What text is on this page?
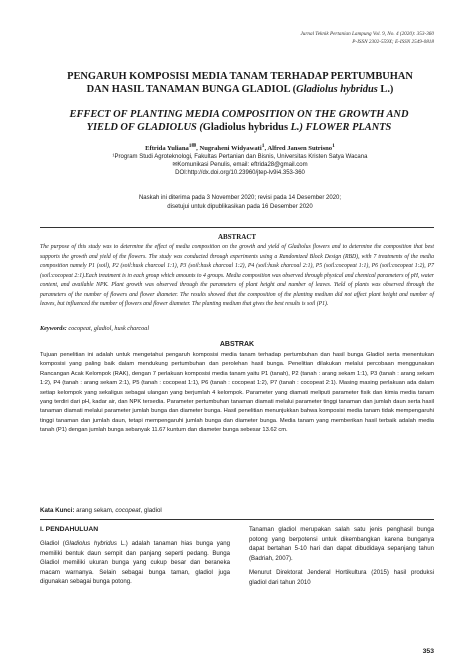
Jurnal Teknik Pertanian Lampung Vol. 9, No. 4 (2020): 353-360
P-ISSN 2302-559X; E-ISSN 2549-0818
PENGARUH KOMPOSISI MEDIA TANAM TERHADAP PERTUMBUHAN DAN HASIL TANAMAN BUNGA GLADIOL (Gladiolus hybridus L.)
EFFECT OF PLANTING MEDIA COMPOSITION ON THE GROWTH AND YIELD OF GLADIOLUS (Gladiolus hybridus L.) FLOWER PLANTS
Eftrida Yuliana$^{1✉}$, Nugraheni Widyawati$^1$, Alfred Jansen Sutrisno$^1$
¹Program Studi Agroteknologi, Fakultas Pertanian dan Bisnis, Universitas Kristen Satya Wacana
✉Komunikasi Penulis, email: eftrida28@gmail.com
DOI:http://dx.doi.org/10.23960/jtep-lv9i4.353-360
Naskah ini diterima pada 3 November 2020; revisi pada 14 Desember 2020;
disetujui untuk dipublikasikan pada 16 Desember 2020
ABSTRACT
The purpose of this study was to determine the effect of media composition on the growth and yield of Gladiolus flowers and to determine the composition that best supports the growth and yield of the flowers. The study was conducted through experiments using a Randomized Block Design (RBD), with 7 treatments of the media composition namely P1 (soil), P2 (soil:husk charcoal 1:1), P3 (soil:husk charcoal 1:2), P4 (soil:husk charcoal 2:1), P5 (soil:cocopeat 1:1), P6 (soil:cocopeat 1:2), P7 (soil:cocopeat 2:1).Each treatment is in each group which amounts to 4 groups. Media composition was observed through physical and chemical parameters of pH, water content, and available NPK. Plant growth was observed through the parameters of plant height and number of leaves. Yield of plants was observed through the parameters of the number of flowers and flower diameter. The results showed that the composition of the planting medium did not affect plant height and number of leaves, but influenced the number of flowers and flower diameter. The planting medium that gives the best results is soil (P1).
Keywords: cocopeat, gladiol, husk charcoal
ABSTRAK
Tujuan penelitian ini adalah untuk mengetahui pengaruh komposisi media tanam terhadap pertumbuhan dan hasil bunga Gladiol serta menentukan komposisi yang paling baik dalam mendukung pertumbuhan dan perolehan hasil bunga. Penelitian dilakukan melalui percobaan menggunakan Rancangan Acak Kelompok (RAK), dengan 7 perlakuan komposisi media tanam yaitu P1 (tanah), P2 (tanah : arang sekam 1:1), P3 (tanah : arang sekam 1:2), P4 (tanah : arang sekam 2:1), P5 (tanah : cocopeat 1:1), P6 (tanah : cocopeat 1:2), P7 (tanah : cocopeat 2:1). Masing masing perlakuan ada dalam setiap kelompok yang sekaligus sebagai ulangan yang berjumlah 4 kelompok. Parameter yang diamati meliputi parameter fisik dan kimia media tanam yang terdiri dari pH, kadar air, dan NPK tersedia. Parameter pertumbuhan tanaman diamati melalui parameter tinggi tanaman dan jumlah daun serta hasil tanaman diamati melalui parameter jumlah bunga dan diameter bunga. Hasil penelitian menunjukkan bahwa komposisi media tanam tidak mempengaruhi tinggi tanaman dan jumlah daun, tetapi mempengaruhi jumlah bunga dan diameter bunga. Media tanam yang memberikan hasil terbaik adalah media tanah (P1) dengan jumlah bunga sebanyak 11.67 kuntum dan diameter bunga sebesar 13.62 cm.
Kata Kunci: arang sekam, cocopeat, gladiol
I. PENDAHULUAN

Gladiol (Gladiolus hybridus L.) adalah tanaman hias bunga yang memiliki bentuk daun sempit dan panjang seperti pedang. Bunga Gladiol memiliki ukuran bunga yang cukup besar dan beraneka macam warnanya. Selain sebagai bunga taman, gladiol juga digunakan sebagai bunga potong.

Tanaman gladiol merupakan salah satu jenis penghasil bunga potong yang berpotensi untuk dikembangkan karena bunganya dapat bertahan 5-10 hari dan dapat dibudidaya sepanjang tahun (Badriah, 2007).

Menurut Direktorat Jenderal Hortikultura (2015) hasil produksi gladiol dari tahun 2010

353
